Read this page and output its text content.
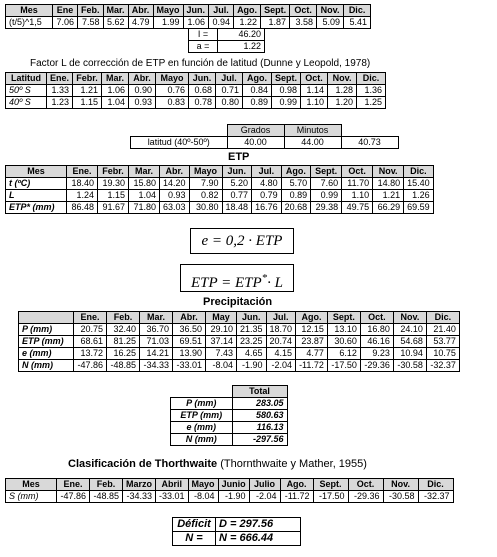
Mes	Ene	Feb.	Mar.	Abr.	Mayo	Jun.	Jul.	Ago.	Sept.	Oct.	Nov.	Dic.
(t/5)^1,5	7.06	7.58	5.62	4.79	1.99	1.06	0.94	1.22	1.87	3.58	5.09	5.41
I =	46.20
a =	1.22
Factor L de corrección de ETP en función de latitud (Dunne y Leopold, 1978)
Latitud	Ene.	Febr.	Mar.	Abr.	Mayo	Jun.	Jul.	Ago.	Sept.	Oct.	Nov.	Dic.
50º S	1.33	1.21	1.06	0.90	0.76	0.68	0.71	0.84	0.98	1.14	1.28	1.36
40º S	1.23	1.15	1.04	0.93	0.83	0.78	0.80	0.89	0.99	1.10	1.20	1.25
	Grados	Minutos	
latitud (40º-50º)	40.00	44.00	40.73
ETP
Mes	Ene.	Febr.	Mar.	Abr.	Mayo	Jun.	Jul.	Ago.	Sept.	Oct.	Nov.	Dic.
t (ºC)	18.40	19.30	15.80	14.20	7.90	5.20	4.80	5.70	7.60	11.70	14.80	15.40
L	1.24	1.15	1.04	0.93	0.82	0.77	0.79	0.89	0.99	1.10	1.21	1.26
ETP* (mm)	86.48	91.67	71.80	63.03	30.80	18.48	16.76	20.68	29.38	49.75	66.29	69.59
e = 0,2 · ETP
ETP = ETP*· L
Precipitación
	Ene.	Feb.	Mar.	Abr.	May	Jun.	Jul.	Ago.	Sept.	Oct.	Nov.	Dic.
P (mm)	20.75	32.40	36.70	36.50	29.10	21.35	18.70	12.15	13.10	16.80	24.10	21.40
ETP (mm)	68.61	81.25	71.03	69.51	37.14	23.25	20.74	23.87	30.60	46.16	54.68	53.77
e (mm)	13.72	16.25	14.21	13.90	7.43	4.65	4.15	4.77	6.12	9.23	10.94	10.75
N (mm)	-47.86	-48.85	-34.33	-33.01	-8.04	-1.90	-2.04	-11.72	-17.50	-29.36	-30.58	-32.37
	Total
P (mm)	283.05
ETP (mm)	580.63
e (mm)	116.13
N (mm)	-297.56
Clasificación de Thorthwaite (Thornthwaite y Mather, 1955)
Mes	Ene.	Feb.	Marzo	Abril	Mayo	Junio	Julio	Ago.	Sept.	Oct.	Nov.	Dic.
S (mm)	-47.86	-48.85	-34.33	-33.01	-8.04	-1.90	-2.04	-11.72	-17.50	-29.36	-30.58	-32.37
Déficit	D = 297.56
N =	N = 666.44
